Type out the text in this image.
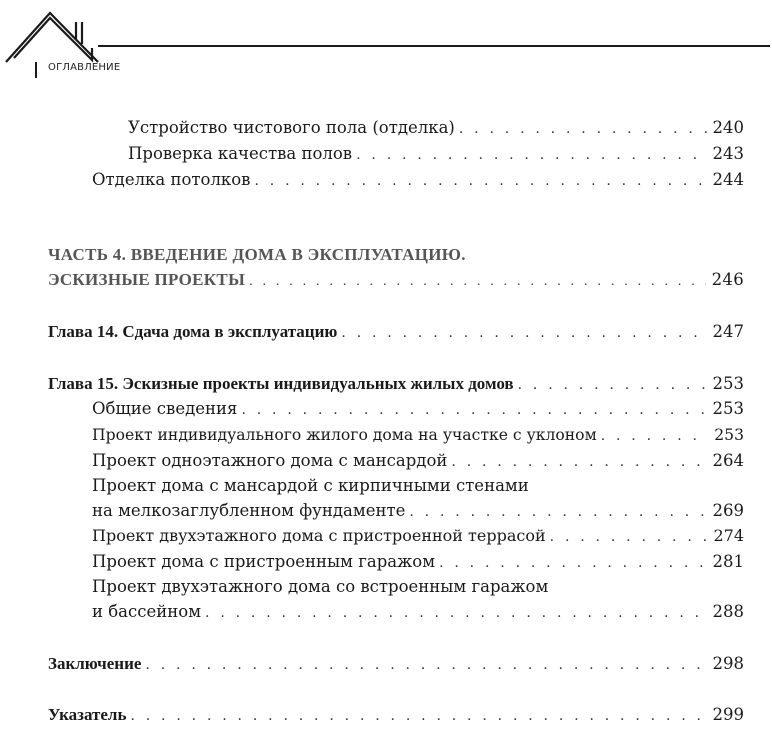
ОГЛАВЛЕНИЕ
Устройство чистового пола (отделка) . . .	240
Проверка качества полов . . .	243
Отделка потолков . . .	244
ЧАСТЬ 4. ВВЕДЕНИЕ ДОМА В ЭКСПЛУАТАЦИЮ.
ЭСКИЗНЫЕ ПРОЕКТЫ . . .	246
Глава 14. Сдача дома в эксплуатацию . . .	247
Глава 15. Эскизные проекты индивидуальных жилых домов . . .	253
Общие сведения . . .	253
Проект индивидуального жилого дома на участке с уклоном . . .	253
Проект одноэтажного дома с мансардой . . .	264
Проект дома с мансардой с кирпичными стенами
на мелкозаглубленном фундаменте . . .	269
Проект двухэтажного дома с пристроенной террасой . . .	274
Проект дома с пристроенным гаражом . . .	281
Проект двухэтажного дома со встроенным гаражом
и бассейном . . .	288
Заключение . . .	298
Указатель . . .	299
